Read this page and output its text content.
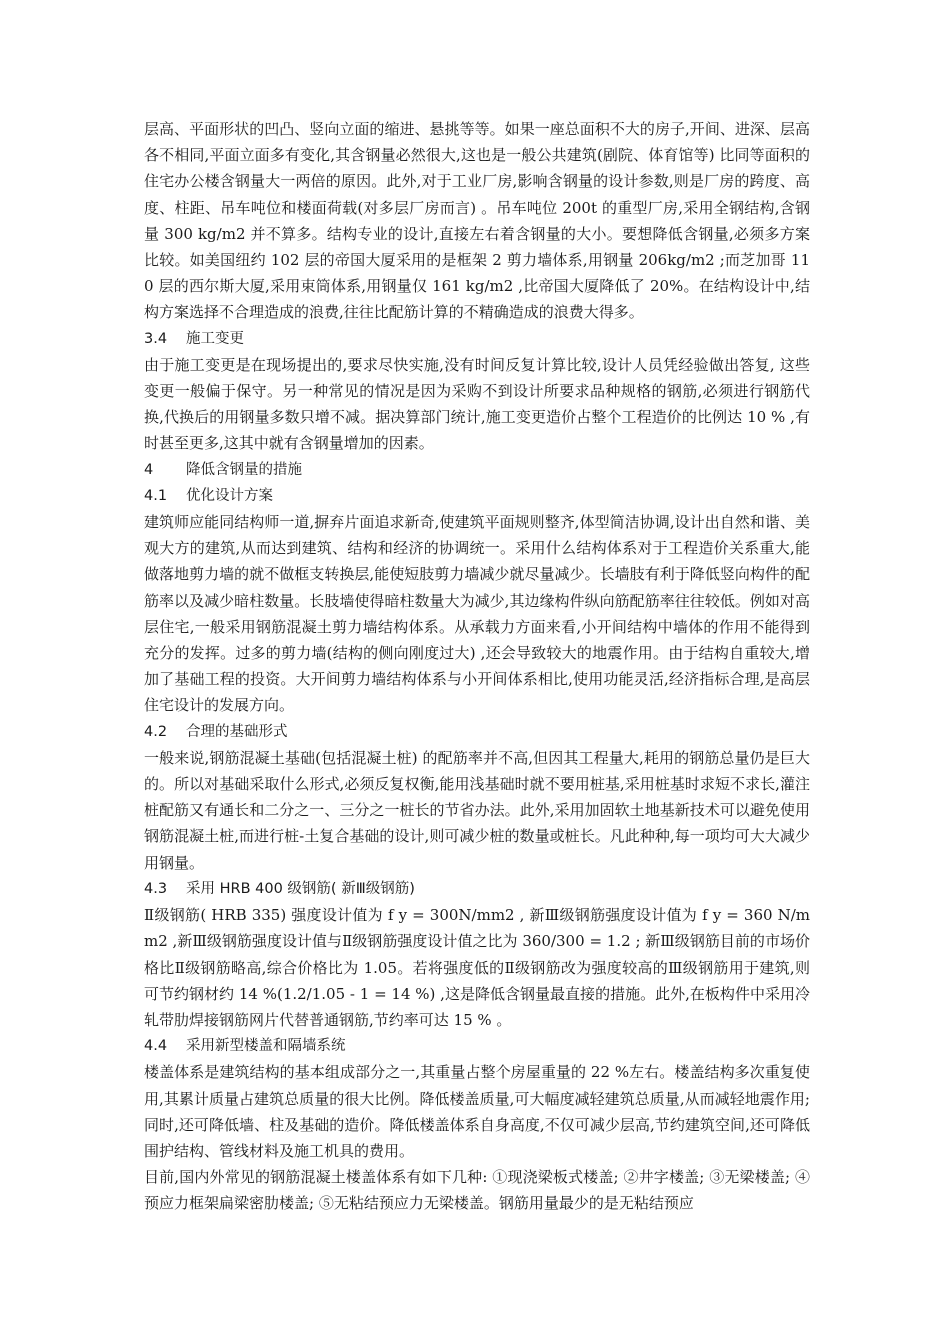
层高、平面形状的凹凸、竖向立面的缩进、悬挑等等。如果一座总面积不大的房子,开间、进深、层高各不相同,平面立面多有变化,其含钢量必然很大,这也是一般公共建筑(剧院、体育馆等) 比同等面积的住宅办公楼含钢量大一两倍的原因。此外,对于工业厂房,影响含钢量的设计参数,则是厂房的跨度、高度、柱距、吊车吨位和楼面荷载(对多层厂房而言) 。吊车吨位 200t 的重型厂房,采用全钢结构,含钢量 300 kg/m2 并不算多。结构专业的设计,直接左右着含钢量的大小。要想降低含钢量,必须多方案比较。如美国纽约 102 层的帝国大厦采用的是框架 2 剪力墙体系,用钢量 206kg/m2 ;而芝加哥 110 层的西尔斯大厦,采用束筒体系,用钢量仅 161 kg/m2 ,比帝国大厦降低了 20%。在结构设计中,结构方案选择不合理造成的浪费,往往比配筋计算的不精确造成的浪费大得多。

3.4 施工变更

由于施工变更是在现场提出的,要求尽快实施,没有时间反复计算比较,设计人员凭经验做出答复, 这些变更一般偏于保守。另一种常见的情况是因为采购不到设计所要求品种规格的钢筋,必须进行钢筋代换,代换后的用钢量多数只增不减。据决算部门统计,施工变更造价占整个工程造价的比例达 10 % ,有时甚至更多,这其中就有含钢量增加的因素。

4 降低含钢量的措施
4.1 优化设计方案

建筑师应能同结构师一道,摒弃片面追求新奇,使建筑平面规则整齐,体型简洁协调,设计出自然和谐、美观大方的建筑,从而达到建筑、结构和经济的协调统一。采用什么结构体系对于工程造价关系重大,能做落地剪力墙的就不做框支转换层,能使短肢剪力墙减少就尽量减少。长墙肢有利于降低竖向构件的配筋率以及减少暗柱数量。长肢墙使得暗柱数量大为减少,其边缘构件纵向筋配筋率往往较低。例如对高层住宅,一般采用钢筋混凝土剪力墙结构体系。从承载力方面来看,小开间结构中墙体的作用不能得到充分的发挥。过多的剪力墙(结构的侧向刚度过大) ,还会导致较大的地震作用。由于结构自重较大,增加了基础工程的投资。大开间剪力墙结构体系与小开间体系相比,使用功能灵活,经济指标合理,是高层住宅设计的发展方向。

4.2 合理的基础形式

一般来说,钢筋混凝土基础(包括混凝土桩) 的配筋率并不高,但因其工程量大,耗用的钢筋总量仍是巨大的。所以对基础采取什么形式,必须反复权衡,能用浅基础时就不要用桩基,采用桩基时求短不求长,灌注桩配筋又有通长和二分之一、三分之一桩长的节省办法。此外,采用加固软土地基新技术可以避免使用钢筋混凝土桩,而进行桩-土复合基础的设计,则可减少桩的数量或桩长。凡此种种,每一项均可大大减少用钢量。

4.3 采用 HRB 400 级钢筋( 新Ⅲ级钢筋)

Ⅱ级钢筋( HRB 335) 强度设计值为 f y = 300N/mm2 , 新Ⅲ级钢筋强度设计值为 f y = 360 N/mm2 ,新Ⅲ级钢筋强度设计值与Ⅱ级钢筋强度设计值之比为 360/300 = 1.2 ; 新Ⅲ级钢筋目前的市场价格比Ⅱ级钢筋略高,综合价格比为 1.05。若将强度低的Ⅱ级钢筋改为强度较高的Ⅲ级钢筋用于建筑,则可节约钢材约 14 %(1.2/1.05 - 1 = 14 %) ,这是降低含钢量最直接的措施。此外,在板构件中采用冷轧带肋焊接钢筋网片代替普通钢筋,节约率可达 15 % 。

4.4 采用新型楼盖和隔墙系统

楼盖体系是建筑结构的基本组成部分之一,其重量占整个房屋重量的 22 %左右。楼盖结构多次重复使用,其累计质量占建筑总质量的很大比例。降低楼盖质量,可大幅度减轻建筑总质量,从而减轻地震作用;同时,还可降低墙、柱及基础的造价。降低楼盖体系自身高度,不仅可减少层高,节约建筑空间,还可降低围护结构、管线材料及施工机具的费用。

目前,国内外常见的钢筋混凝土楼盖体系有如下几种: ①现浇梁板式楼盖; ②井字楼盖; ③无梁楼盖; ④预应力框架扁梁密肋楼盖; ⑤无粘结预应力无梁楼盖。钢筋用量最少的是无粘结预应
